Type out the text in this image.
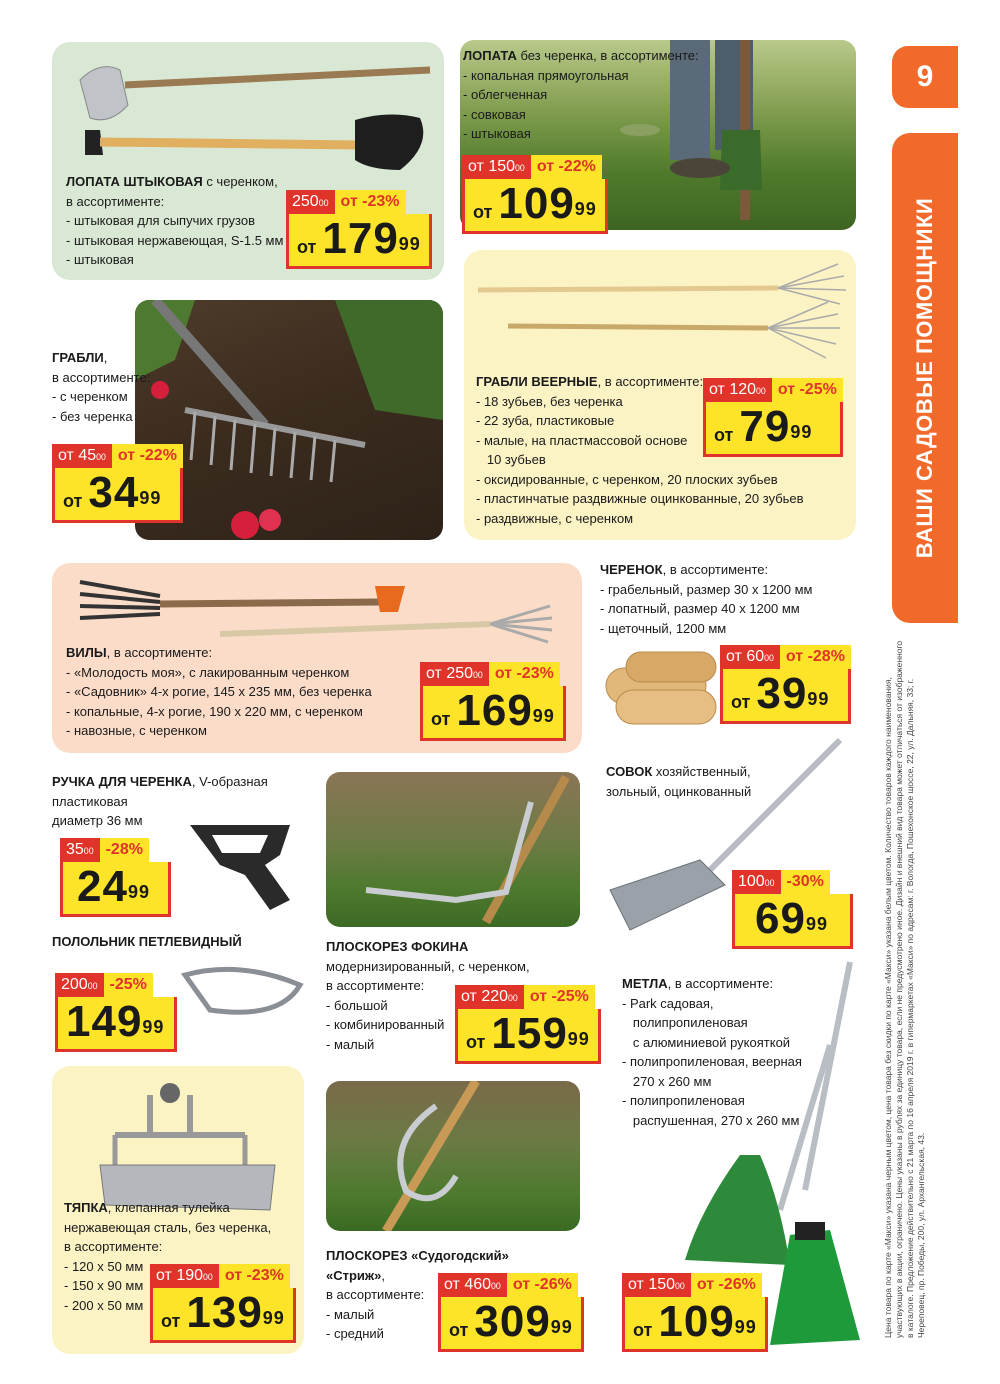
9
ВАШИ САДОВЫЕ ПОМОЩНИКИ
Цена товара по карте «Макси» указана черным цветом, цена товара без скидки по карте «Макси» указана белым цветом. Количество товаров каждого наименования, участвующих в акции, ограничено. Цены указаны в рублях за единицу товара, если не предусмотрено иное. Дизайн и внешний вид товара может отличаться от изображенного в каталоге. Предложение действительно с 21 марта по 16 апреля 2019 г. в гипермаркетах «Макси» по адресам: г. Вологда, Пошехонское шоссе, 22, ул. Дальняя, 33; г. Череповец, пр. Победы, 200, ул. Архангельская, 43.
ЛОПАТА ШТЫКОВАЯ с черенком,
в ассортименте:
- штыковая для сыпучих грузов
- штыковая нержавеющая, S-1.5 мм
- штыковая
ЛОПАТА без черенка, в ассортименте:
- копальная прямоугольная
- облегченная
- совковая
- штыковая
ГРАБЛИ,
в ассортименте:
- с черенком
- без черенка
ГРАБЛИ ВЕЕРНЫЕ, в ассортименте:
- 18 зубьев, без черенка
- 22 зуба, пластиковые
- малые, на пластмассовой основе
10 зубьев
- оксидированные, с черенком, 20 плоских зубьев
- пластинчатые раздвижные оцинкованные, 20 зубьев
- раздвижные, с черенком
ВИЛЫ, в ассортименте:
- «Молодость моя», с лакированным черенком
- «Садовник» 4-х рогие, 145 х 235 мм, без черенка
- копальные, 4-х рогие, 190 х 220 мм, с черенком
- навозные, с черенком
ЧЕРЕНОК, в ассортименте:
- грабельный, размер 30 х 1200 мм
- лопатный, размер 40 х 1200 мм
- щеточный, 1200 мм
РУЧКА ДЛЯ ЧЕРЕНКА, V-образная
пластиковая
диаметр 36 мм
СОВОК хозяйственный,
зольный, оцинкованный
ПОЛОЛЬНИК ПЕТЛЕВИДНЫЙ	ПЛОСКОРЕЗ ФОКИНА
модернизированный, с черенком,
в ассортименте:
- большой
- комбинированный
- малый
МЕТЛА, в ассортименте:
- Park садовая,
полипропиленовая
с алюминиевой рукояткой
- полипропиленовая, веерная
270 х 260 мм
- полипропиленовая
распушенная, 270 х 260 мм
ТЯПКА, клепанная тулейка
нержавеющая сталь, без черенка,
в ассортименте:
- 120 х 50 мм
- 150 х 90 мм
- 200 х 50 мм
ПЛОСКОРЕЗ «Судогодский»
«Стриж»,
в ассортименте:
- малый
- средний
$250^{00}$ от -23%
от $179^{99}$
от $150^{00}$ от -22%
от $109^{99}$
от $45^{00}$ от -22%
от $34^{99}$
от $120^{00}$ от -25%
от $79^{99}$
от $250^{00}$ от -23%
от $169^{99}$
от $60^{00}$ от -28%
от $39^{99}$
$35^{00}$ -28%
$24^{99}$
$100^{00}$ -30%
$69^{99}$
$200^{00}$ -25%
$149^{99}$
от $220^{00}$ от -25%
от $159^{99}$
от $150^{00}$ от -26%
от $109^{99}$
от $190^{00}$ от -23%
от $139^{99}$
от $460^{00}$ от -26%
от $309^{99}$
